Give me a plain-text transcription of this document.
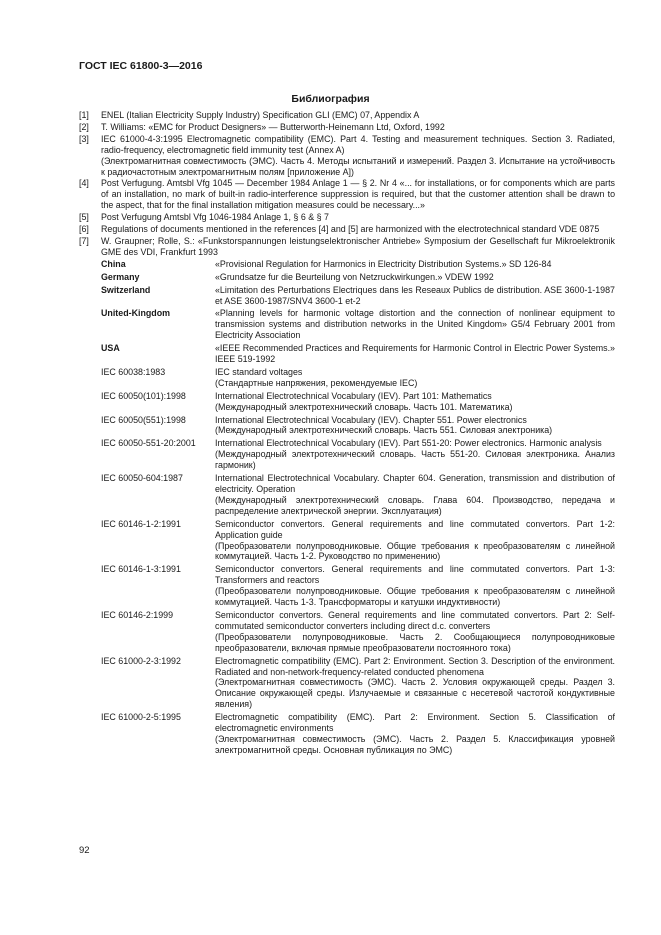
ГОСТ IEC 61800-3—2016
Библиография
[1]	ENEL (Italian Electricity Supply Industry) Specification GLI (EMC) 07, Appendix A
[2]	T. Williams: «EMC for Product Designers» — Butterworth-Heinemann Ltd, Oxford, 1992
[3]	IEC 61000-4-3:1995 Electromagnetic compatibility (EMC). Part 4. Testing and measurement techniques. Section 3. Radiated, radio-frequency, electromagnetic field immunity test (Annex A)
(Электромагнитная совместимость (ЭМС). Часть 4. Методы испытаний и измерений. Раздел 3. Испытание на устойчивость к радиочастотным электромагнитным полям [приложение A])
[4]	Post Verfugung. Amtsbl Vfg 1045 — December 1984 Anlage 1 — § 2. Nr 4 «... for installations, or for components which are parts of an installation, no mark of built-in radio-interference suppression is required, but that the customer attention shall be drawn to the aspect, that for the final installation mitigation measures could be necessary...»
[5]	Post Verfugung Amtsbl Vfg 1046-1984 Anlage 1, § 6 & § 7
[6]	Regulations of documents mentioned in the references [4] and [5] are harmonized with the electrotechnical standard VDE 0875
[7]	W. Graupner; Rolle, S.: «Funkstorspannungen leistungselektronischer Antriebe» Symposium der Gesellschaft fur Mikroelektronik GME des VDI, Frankfurt 1993
China	«Provisional Regulation for Harmonics in Electricity Distribution Systems.» SD 126-84
Germany	«Grundsatze fur die Beurteilung von Netzruckwirkungen.» VDEW 1992
Switzerland	«Limitation des Perturbations Electriques dans les Reseaux Publics de distribution. ASE 3600-1-1987 et ASE 3600-1987/SNV4 3600-1 et-2
United-Kingdom	«Planning levels for harmonic voltage distortion and the connection of nonlinear equipment to transmission systems and distribution networks in the United Kingdom» G5/4 February 2001 from Electricity Association
USA	«IEEE Recommended Practices and Requirements for Harmonic Control in Electric Power Systems.» IEEE 519-1992
IEC 60038:1983	IEC standard voltages
(Стандартные напряжения, рекомендуемые IEC)
IEC 60050(101):1998	International Electrotechnical Vocabulary (IEV). Part 101: Mathematics
(Международный электротехнический словарь. Часть 101. Математика)
IEC 60050(551):1998	International Electrotechnical Vocabulary (IEV). Chapter 551. Power electronics
(Международный электротехнический словарь. Часть 551. Силовая электроника)
IEC 60050-551-20:2001	International Electrotechnical Vocabulary (IEV). Part 551-20: Power electronics. Harmonic analysis
(Международный электротехнический словарь. Часть 551-20. Силовая электроника. Анализ гармоник)
IEC 60050-604:1987	International Electrotechnical Vocabulary. Chapter 604. Generation, transmission and distribution of electricity. Operation
(Международный электротехнический словарь. Глава 604. Производство, передача и распределение электрической энергии. Эксплуатация)
IEC 60146-1-2:1991	Semiconductor convertors. General requirements and line commutated convertors. Part 1-2: Application guide
(Преобразователи полупроводниковые. Общие требования к преобразователям с линейной коммутацией. Часть 1-2. Руководство по применению)
IEC 60146-1-3:1991	Semiconductor convertors. General requirements and line commutated convertors. Part 1-3: Transformers and reactors
(Преобразователи полупроводниковые. Общие требования к преобразователям с линейной коммутацией. Часть 1-3. Трансформаторы и катушки индуктивности)
IEC 60146-2:1999	Semiconductor convertors. General requirements and line commutated convertors. Part 2: Self-commutated semiconductor converters including direct d.c. converters
(Преобразователи полупроводниковые. Часть 2. Сообщающиеся полупроводниковые преобразователи, включая прямые преобразователи постоянного тока)
IEC 61000-2-3:1992	Electromagnetic compatibility (EMC). Part 2: Environment. Section 3. Description of the environment. Radiated and non-network-frequency-related conducted phenomena
(Электромагнитная совместимость (ЭМС). Часть 2. Условия окружающей среды. Раздел 3. Описание окружающей среды. Излучаемые и связанные с несетевой частотой кондуктивные явления)
IEC 61000-2-5:1995	Electromagnetic compatibility (EMC). Part 2: Environment. Section 5. Classification of electromagnetic environments
(Электромагнитная совместимость (ЭМС). Часть 2. Раздел 5. Классификация уровней электромагнитной среды. Основная публикация по ЭМС)
92
